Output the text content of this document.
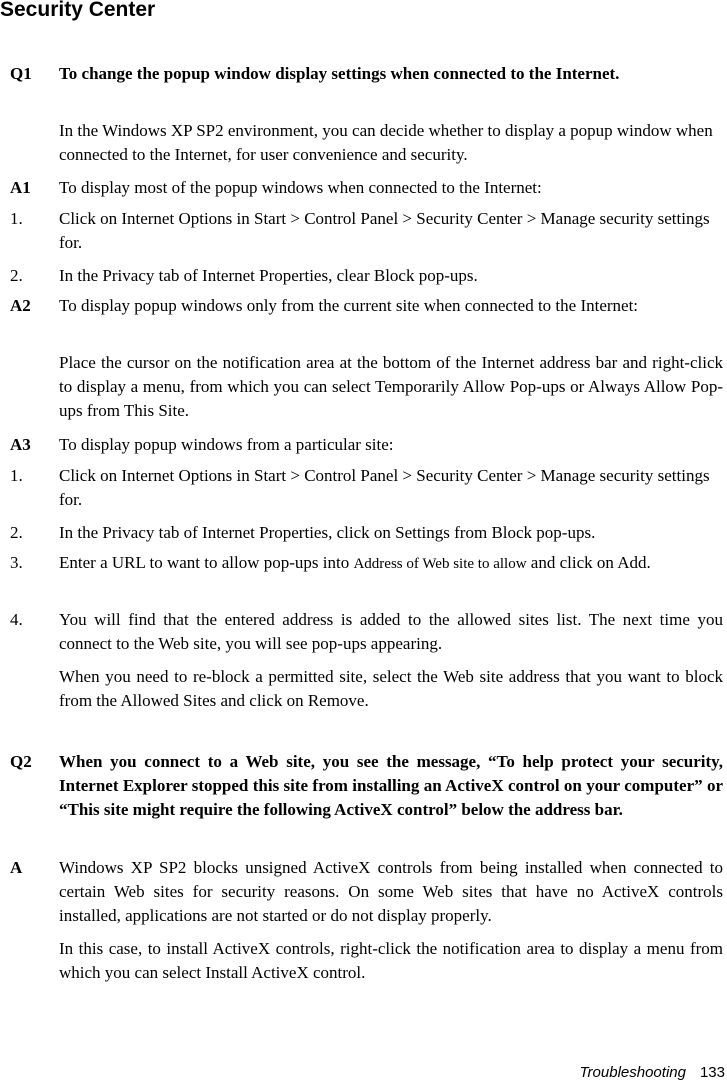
Security Center
Q1 To change the popup window display settings when connected to the Internet.
In the Windows XP SP2 environment, you can decide whether to display a popup window when connected to the Internet, for user convenience and security.
A1 To display most of the popup windows when connected to the Internet:
1. Click on Internet Options in Start > Control Panel > Security Center > Manage security settings for.
2. In the Privacy tab of Internet Properties, clear Block pop-ups.
A2 To display popup windows only from the current site when connected to the Internet:
Place the cursor on the notification area at the bottom of the Internet address bar and right-click to display a menu, from which you can select Temporarily Allow Pop-ups or Always Allow Pop-ups from This Site.
A3 To display popup windows from a particular site:
1. Click on Internet Options in Start > Control Panel > Security Center > Manage security settings for.
2. In the Privacy tab of Internet Properties, click on Settings from Block pop-ups.
3. Enter a URL to want to allow pop-ups into Address of Web site to allow and click on Add.
4. You will find that the entered address is added to the allowed sites list. The next time you connect to the Web site, you will see pop-ups appearing.
When you need to re-block a permitted site, select the Web site address that you want to block from the Allowed Sites and click on Remove.
Q2 When you connect to a Web site, you see the message, “To help protect your security, Internet Explorer stopped this site from installing an ActiveX control on your computer” or “This site might require the following ActiveX control” below the address bar.
A Windows XP SP2 blocks unsigned ActiveX controls from being installed when connected to certain Web sites for security reasons. On some Web sites that have no ActiveX controls installed, applications are not started or do not display properly.
In this case, to install ActiveX controls, right-click the notification area to display a menu from which you can select Install ActiveX control.
Troubleshooting 133
